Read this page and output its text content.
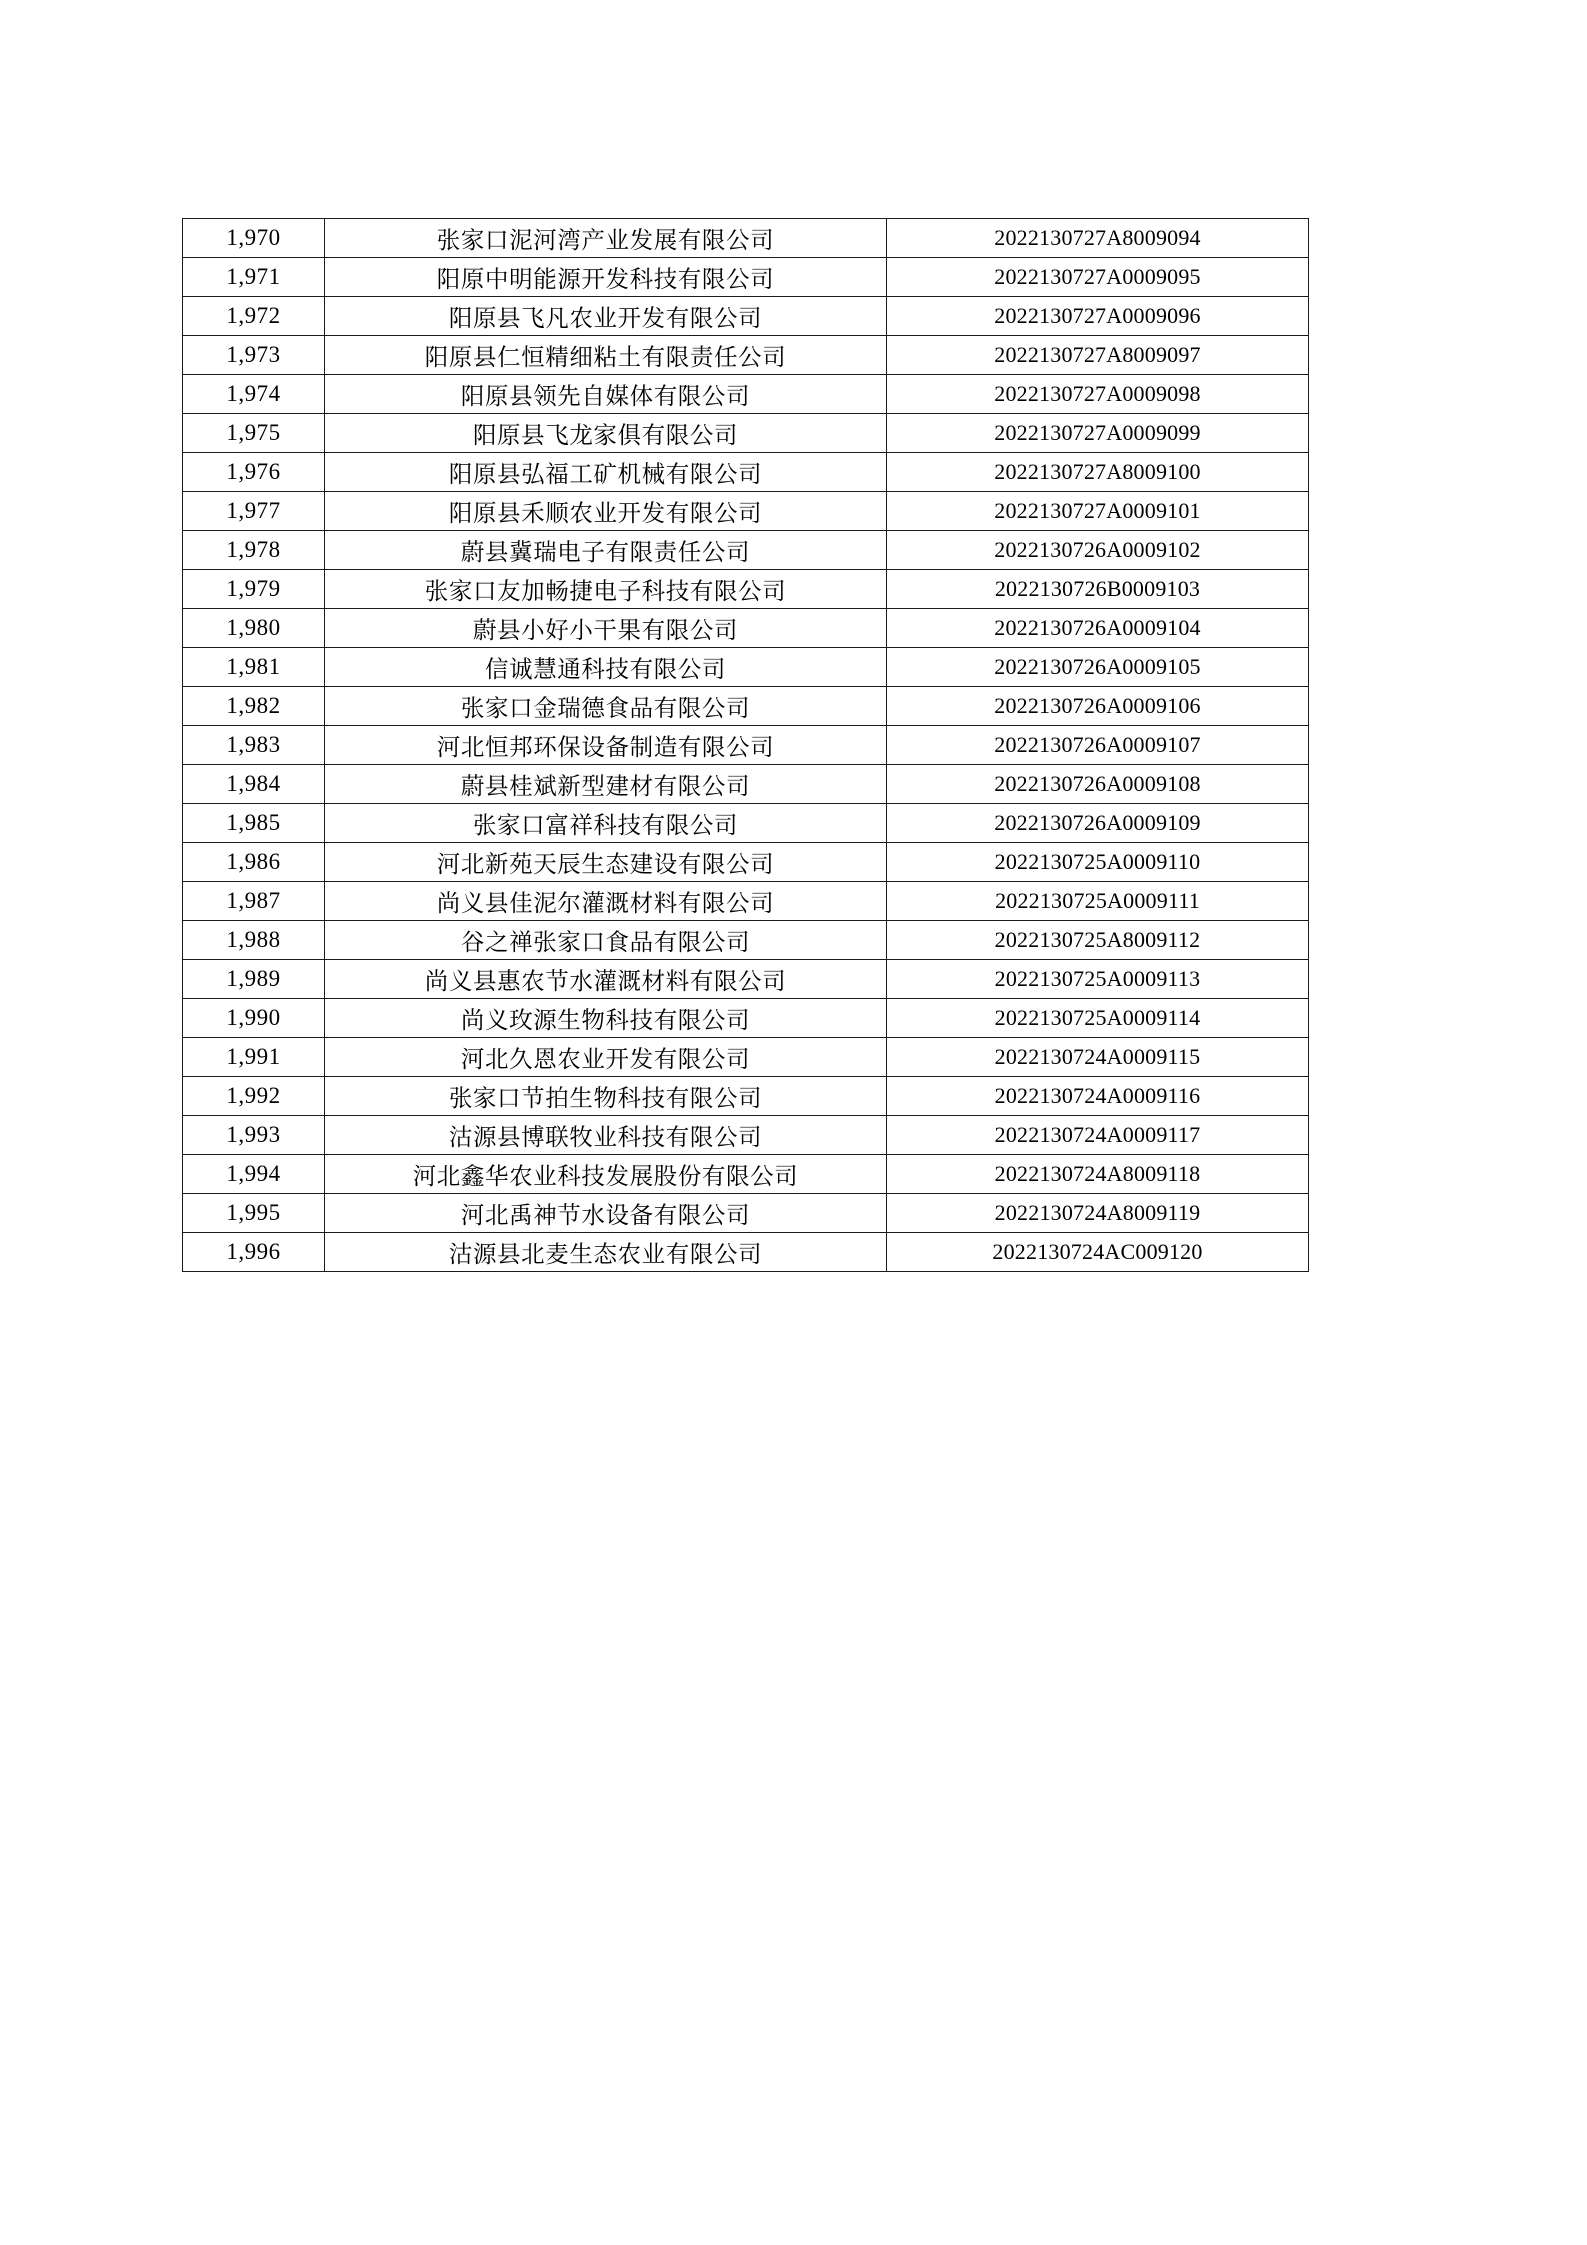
1,970	张家口泥河湾产业发展有限公司	2022130727A8009094
1,971	阳原中明能源开发科技有限公司	2022130727A0009095
1,972	阳原县飞凡农业开发有限公司	2022130727A0009096
1,973	阳原县仁恒精细粘土有限责任公司	2022130727A8009097
1,974	阳原县领先自媒体有限公司	2022130727A0009098
1,975	阳原县飞龙家俱有限公司	2022130727A0009099
1,976	阳原县弘福工矿机械有限公司	2022130727A8009100
1,977	阳原县禾顺农业开发有限公司	2022130727A0009101
1,978	蔚县冀瑞电子有限责任公司	2022130726A0009102
1,979	张家口友加畅捷电子科技有限公司	2022130726B0009103
1,980	蔚县小好小干果有限公司	2022130726A0009104
1,981	信诚慧通科技有限公司	2022130726A0009105
1,982	张家口金瑞德食品有限公司	2022130726A0009106
1,983	河北恒邦环保设备制造有限公司	2022130726A0009107
1,984	蔚县桂斌新型建材有限公司	2022130726A0009108
1,985	张家口富祥科技有限公司	2022130726A0009109
1,986	河北新苑天辰生态建设有限公司	2022130725A0009110
1,987	尚义县佳泥尔灌溉材料有限公司	2022130725A0009111
1,988	谷之禅张家口食品有限公司	2022130725A8009112
1,989	尚义县惠农节水灌溉材料有限公司	2022130725A0009113
1,990	尚义玫源生物科技有限公司	2022130725A0009114
1,991	河北久恩农业开发有限公司	2022130724A0009115
1,992	张家口节拍生物科技有限公司	2022130724A0009116
1,993	沽源县博联牧业科技有限公司	2022130724A0009117
1,994	河北鑫华农业科技发展股份有限公司	2022130724A8009118
1,995	河北禹神节水设备有限公司	2022130724A8009119
1,996	沽源县北麦生态农业有限公司	2022130724AC009120
